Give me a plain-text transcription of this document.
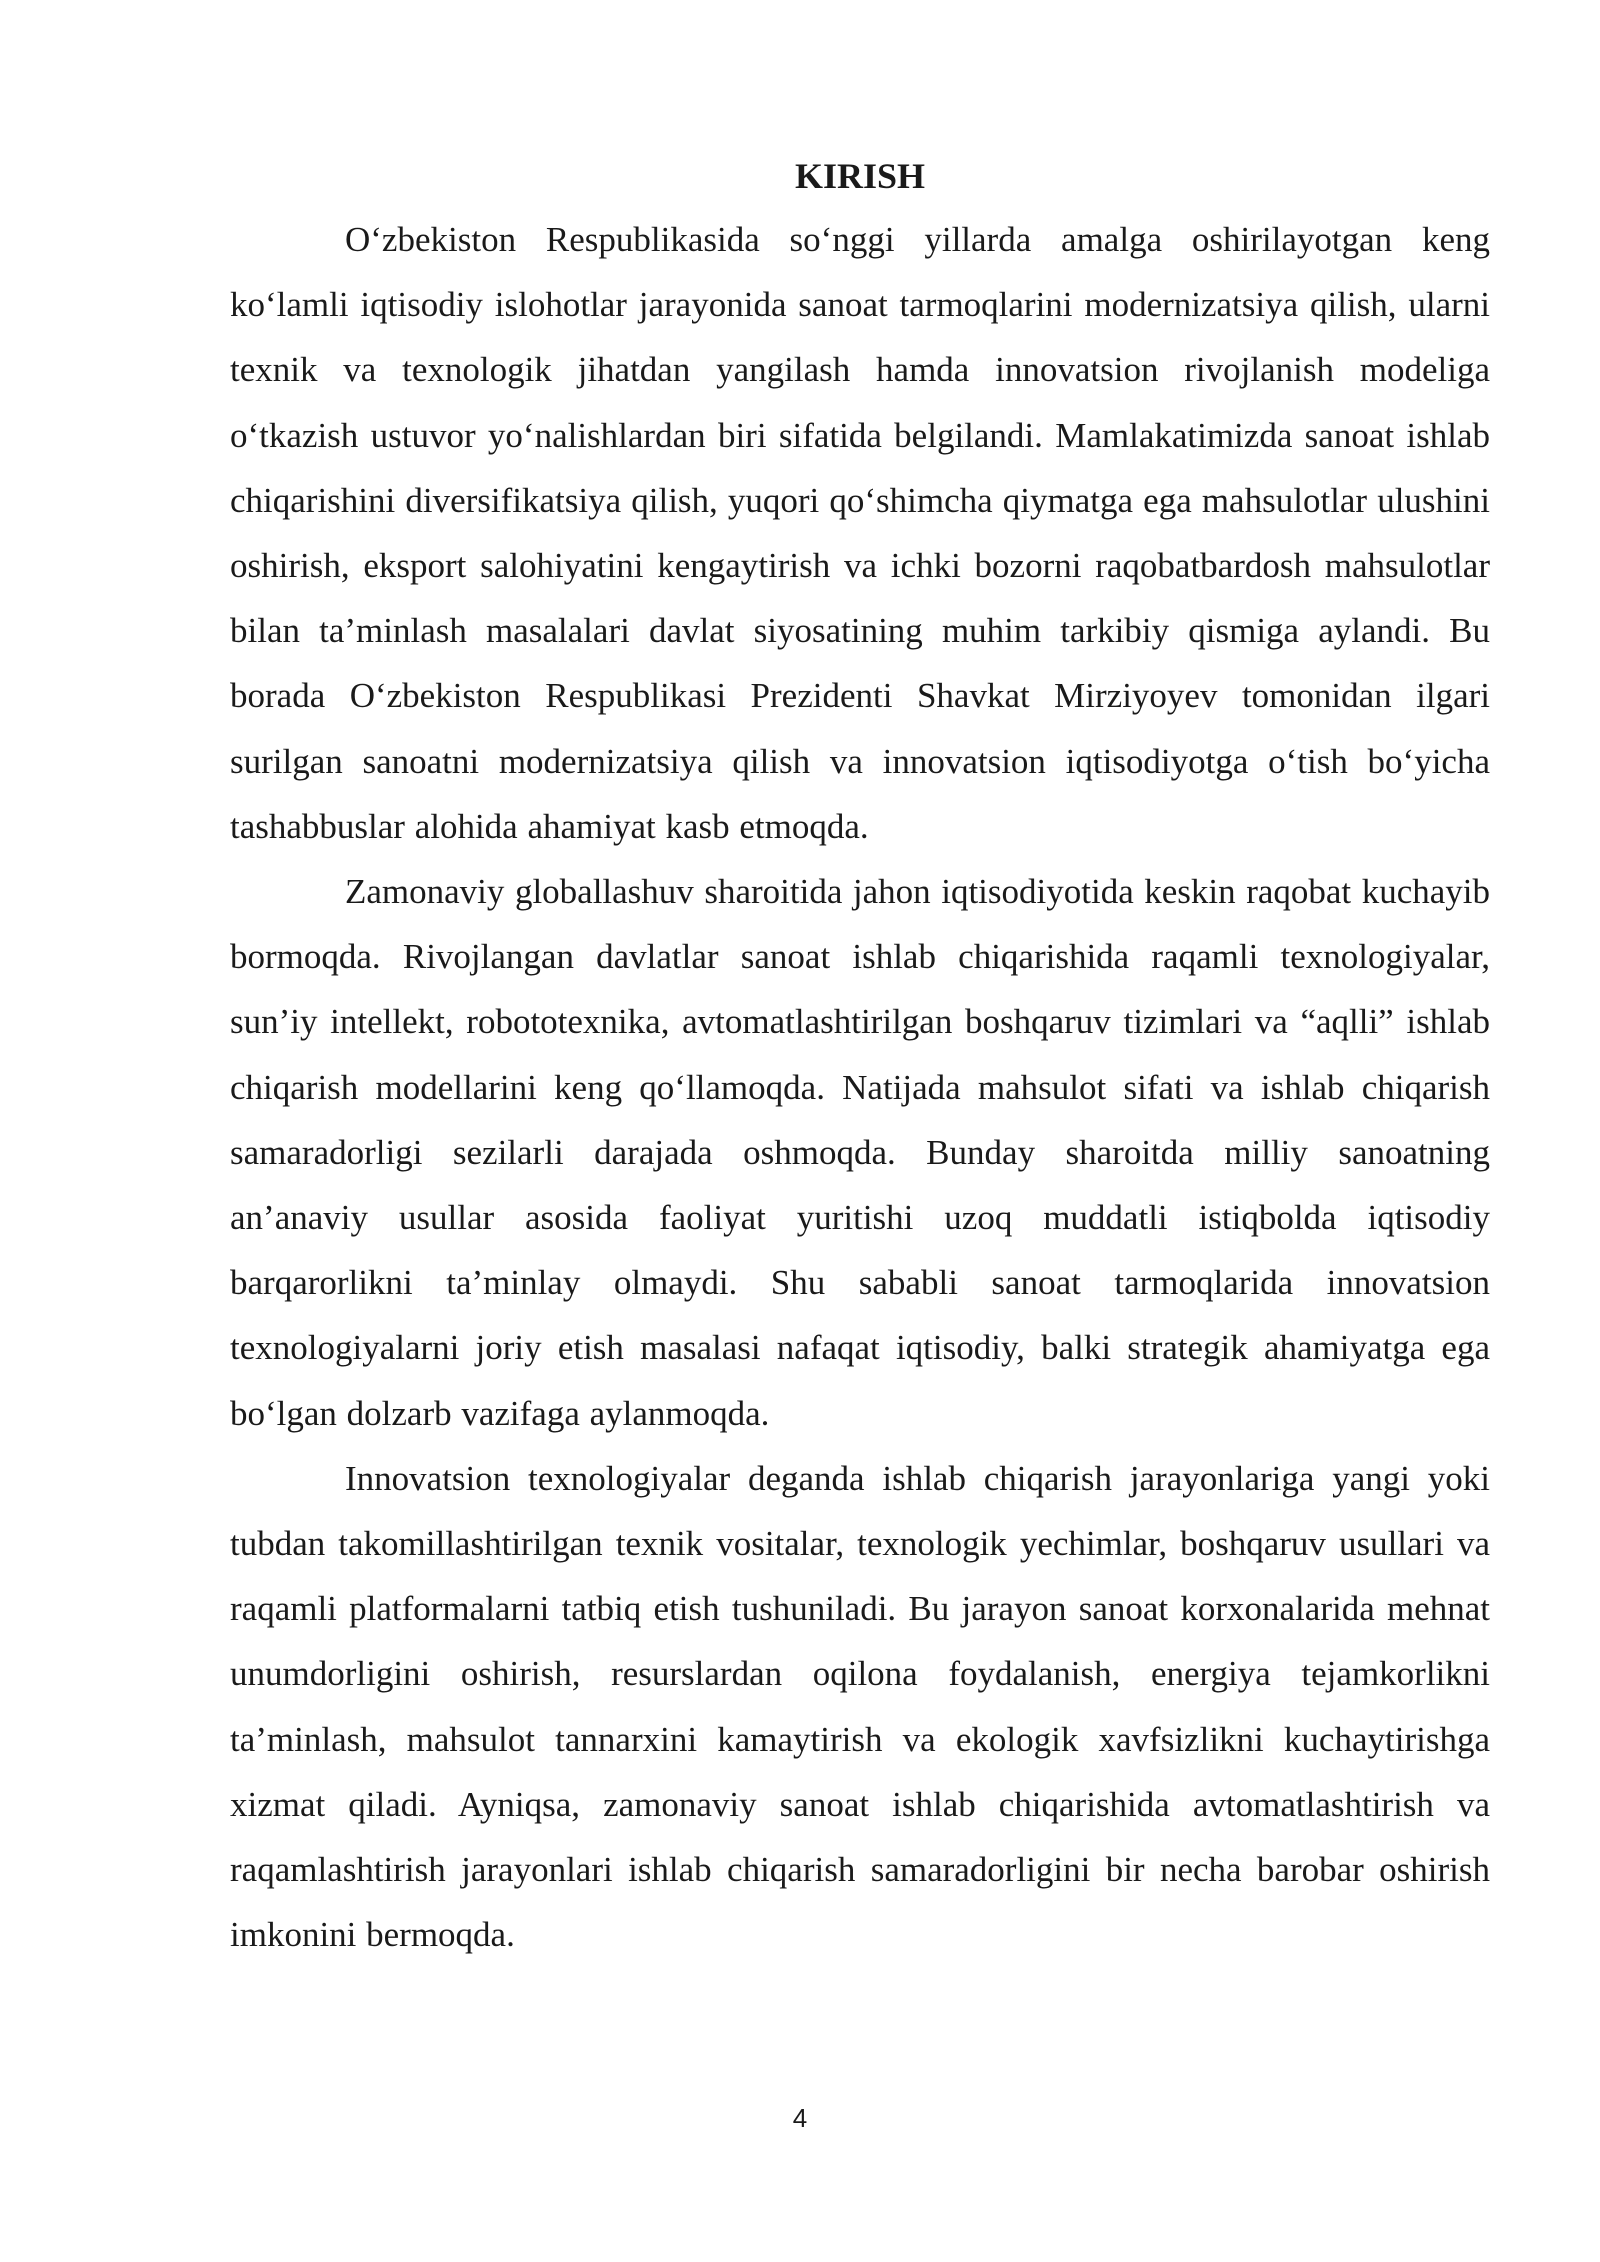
KIRISH

O‘zbekiston Respublikasida so‘nggi yillarda amalga oshirilayotgan keng ko‘lamli iqtisodiy islohotlar jarayonida sanoat tarmoqlarini modernizatsiya qilish, ularni texnik va texnologik jihatdan yangilash hamda innovatsion rivojlanish modeliga o‘tkazish ustuvor yo‘nalishlardan biri sifatida belgilandi. Mamlakatimizda sanoat ishlab chiqarishini diversifikatsiya qilish, yuqori qo‘shimcha qiymatga ega mahsulotlar ulushini oshirish, eksport salohiyatini kengaytirish va ichki bozorni raqobatbardosh mahsulotlar bilan ta’minlash masalalari davlat siyosatining muhim tarkibiy qismiga aylandi. Bu borada O‘zbekiston Respublikasi Prezidenti Shavkat Mirziyoyev tomonidan ilgari surilgan sanoatni modernizatsiya qilish va innovatsion iqtisodiyotga o‘tish bo‘yicha tashabbuslar alohida ahamiyat kasb etmoqda.

Zamonaviy globallashuv sharoitida jahon iqtisodiyotida keskin raqobat kuchayib bormoqda. Rivojlangan davlatlar sanoat ishlab chiqarishida raqamli texnologiyalar, sun’iy intellekt, robototexnika, avtomatlashtirilgan boshqaruv tizimlari va “aqlli” ishlab chiqarish modellarini keng qo‘llamoqda. Natijada mahsulot sifati va ishlab chiqarish samaradorligi sezilarli darajada oshmoqda. Bunday sharoitda milliy sanoatning an’anaviy usullar asosida faoliyat yuritishi uzoq muddatli istiqbolda iqtisodiy barqarorlikni ta’minlay olmaydi. Shu sababli sanoat tarmoqlarida innovatsion texnologiyalarni joriy etish masalasi nafaqat iqtisodiy, balki strategik ahamiyatga ega bo‘lgan dolzarb vazifaga aylanmoqda.

Innovatsion texnologiyalar deganda ishlab chiqarish jarayonlariga yangi yoki tubdan takomillashtirilgan texnik vositalar, texnologik yechimlar, boshqaruv usullari va raqamli platformalarni tatbiq etish tushuniladi. Bu jarayon sanoat korxonalarida mehnat unumdorligini oshirish, resurslardan oqilona foydalanish, energiya tejamkorlikni ta’minlash, mahsulot tannarxini kamaytirish va ekologik xavfsizlikni kuchaytirishga xizmat qiladi. Ayniqsa, zamonaviy sanoat ishlab chiqarishida avtomatlashtirish va raqamlashtirish jarayonlari ishlab chiqarish samaradorligini bir necha barobar oshirish imkonini bermoqda.

4
